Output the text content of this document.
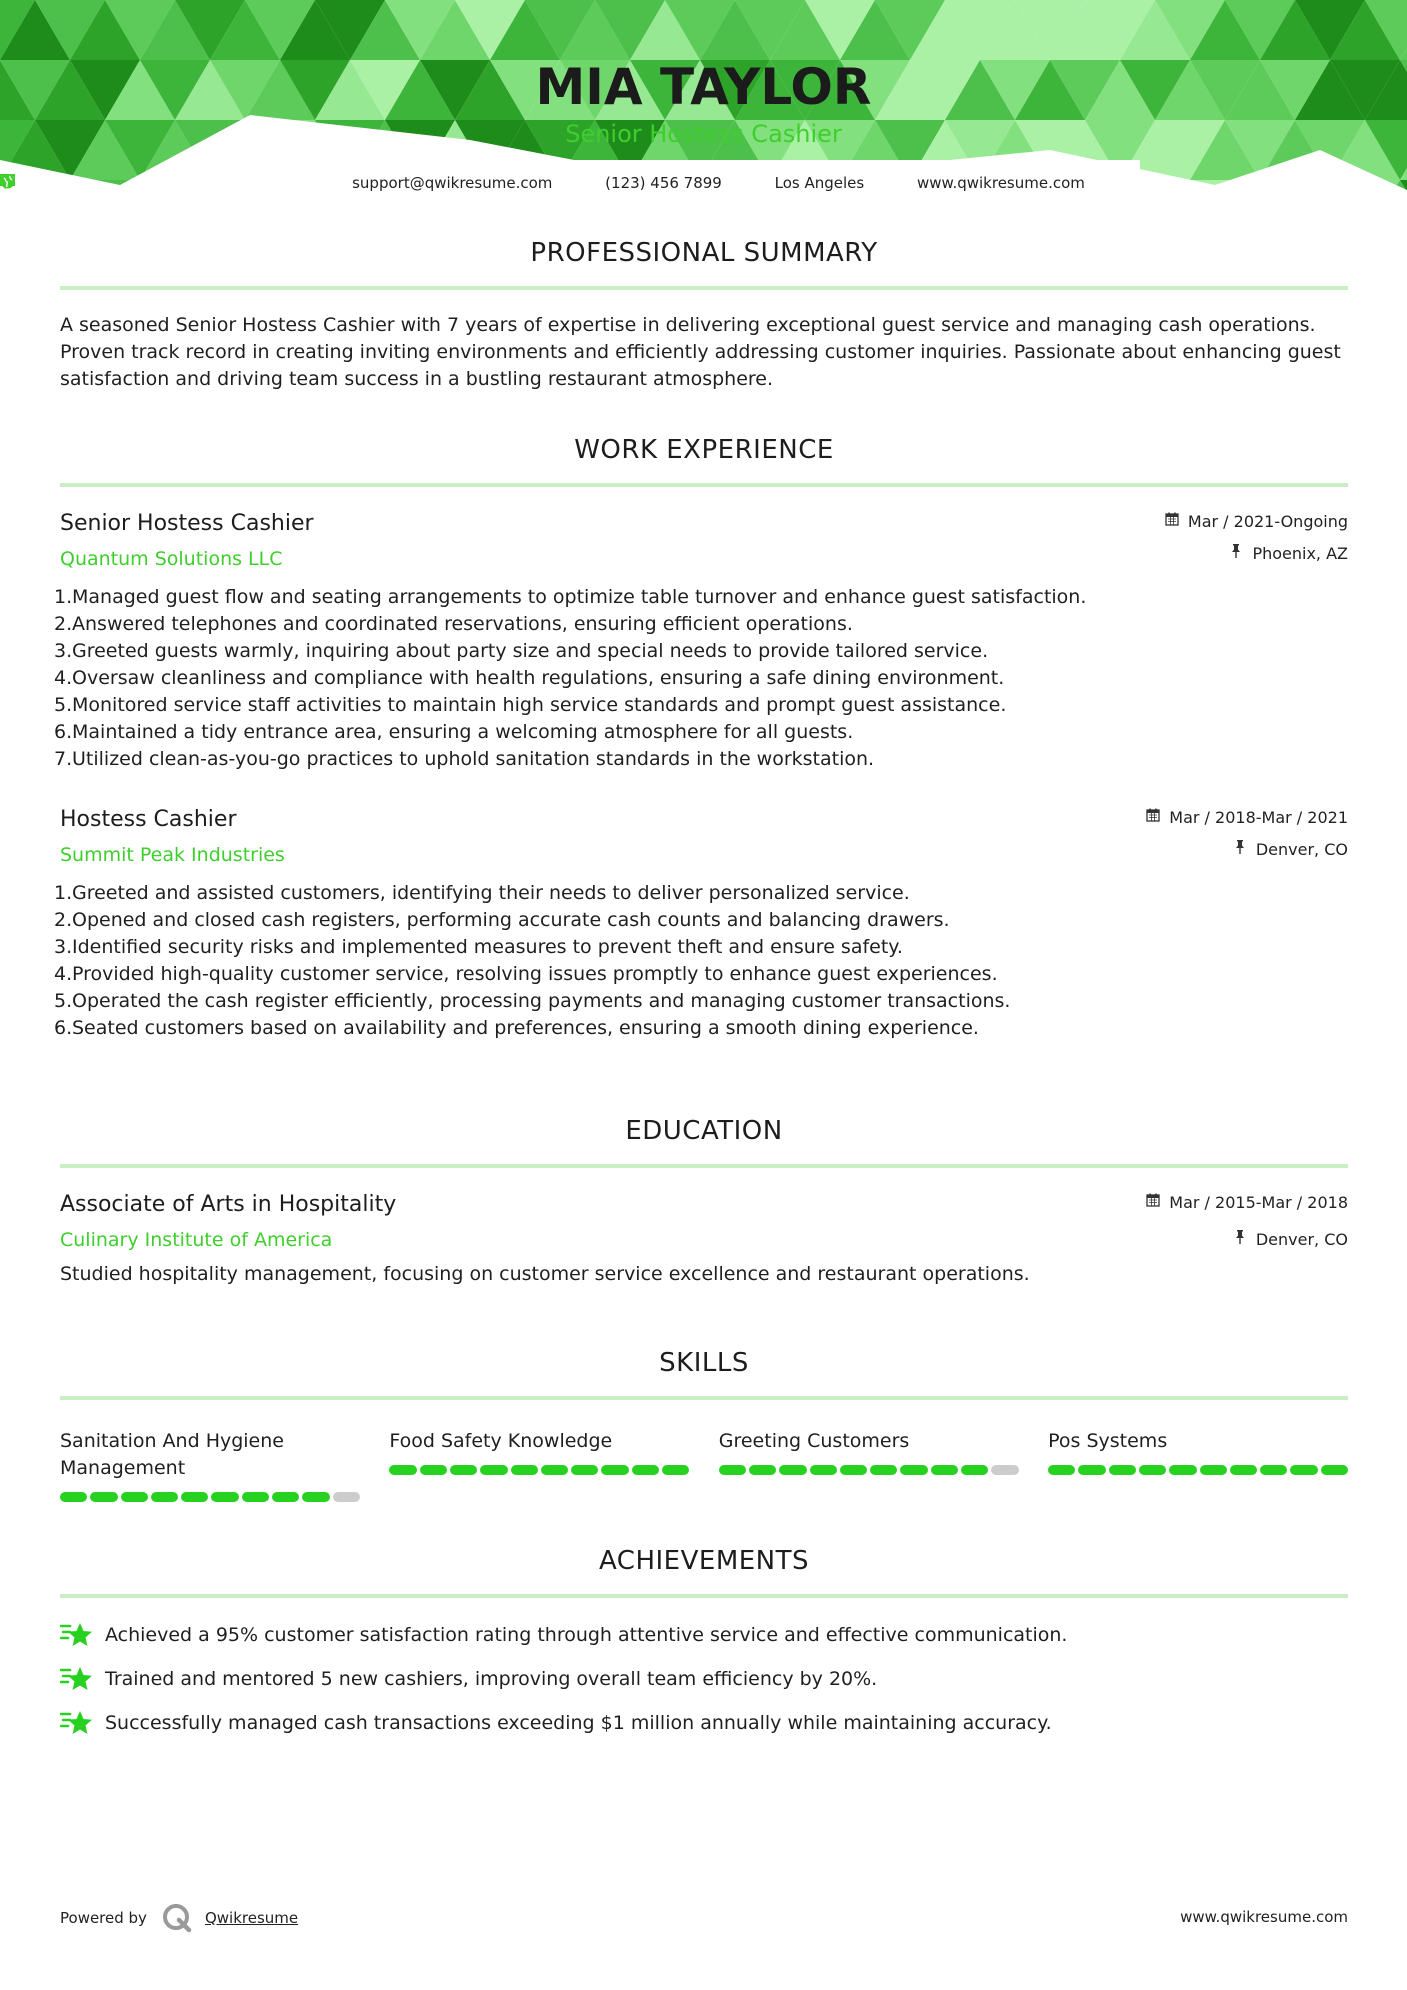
MIA TAYLOR
Senior Hostess Cashier
support@qwikresume.com
	(123) 456 7899
	Los Angeles
	www.qwikresume.com
PROFESSIONAL SUMMARY
A seasoned Senior Hostess Cashier with 7 years of expertise in delivering exceptional guest service and managing cash operations. Proven track record in creating inviting environments and efficiently addressing customer inquiries. Passionate about enhancing guest satisfaction and driving team success in a bustling restaurant atmosphere.
WORK EXPERIENCE
Senior Hostess Cashier
Quantum Solutions LLC
Mar / 2021-Ongoing
Phoenix, AZ
1.Managed guest flow and seating arrangements to optimize table turnover and enhance guest satisfaction.
2.Answered telephones and coordinated reservations, ensuring efficient operations.
3.Greeted guests warmly, inquiring about party size and special needs to provide tailored service.
4.Oversaw cleanliness and compliance with health regulations, ensuring a safe dining environment.
5.Monitored service staff activities to maintain high service standards and prompt guest assistance.
6.Maintained a tidy entrance area, ensuring a welcoming atmosphere for all guests.
7.Utilized clean-as-you-go practices to uphold sanitation standards in the workstation.
Hostess Cashier
Summit Peak Industries
Mar / 2018-Mar / 2021
Denver, CO
1.Greeted and assisted customers, identifying their needs to deliver personalized service.
2.Opened and closed cash registers, performing accurate cash counts and balancing drawers.
3.Identified security risks and implemented measures to prevent theft and ensure safety.
4.Provided high-quality customer service, resolving issues promptly to enhance guest experiences.
5.Operated the cash register efficiently, processing payments and managing customer transactions.
6.Seated customers based on availability and preferences, ensuring a smooth dining experience.
EDUCATION
Associate of Arts in Hospitality
Culinary Institute of America
Mar / 2015-Mar / 2018
Denver, CO
Studied hospitality management, focusing on customer service excellence and restaurant operations.
SKILLS
Sanitation And Hygiene Management
Food Safety Knowledge	Greeting Customers	Pos Systems
ACHIEVEMENTS
Achieved a 95% customer satisfaction rating through attentive service and effective communication.
Trained and mentored 5 new cashiers, improving overall team efficiency by 20%.
Successfully managed cash transactions exceeding $1 million annually while maintaining accuracy.
Powered by	Qwikresume	www.qwikresume.com
